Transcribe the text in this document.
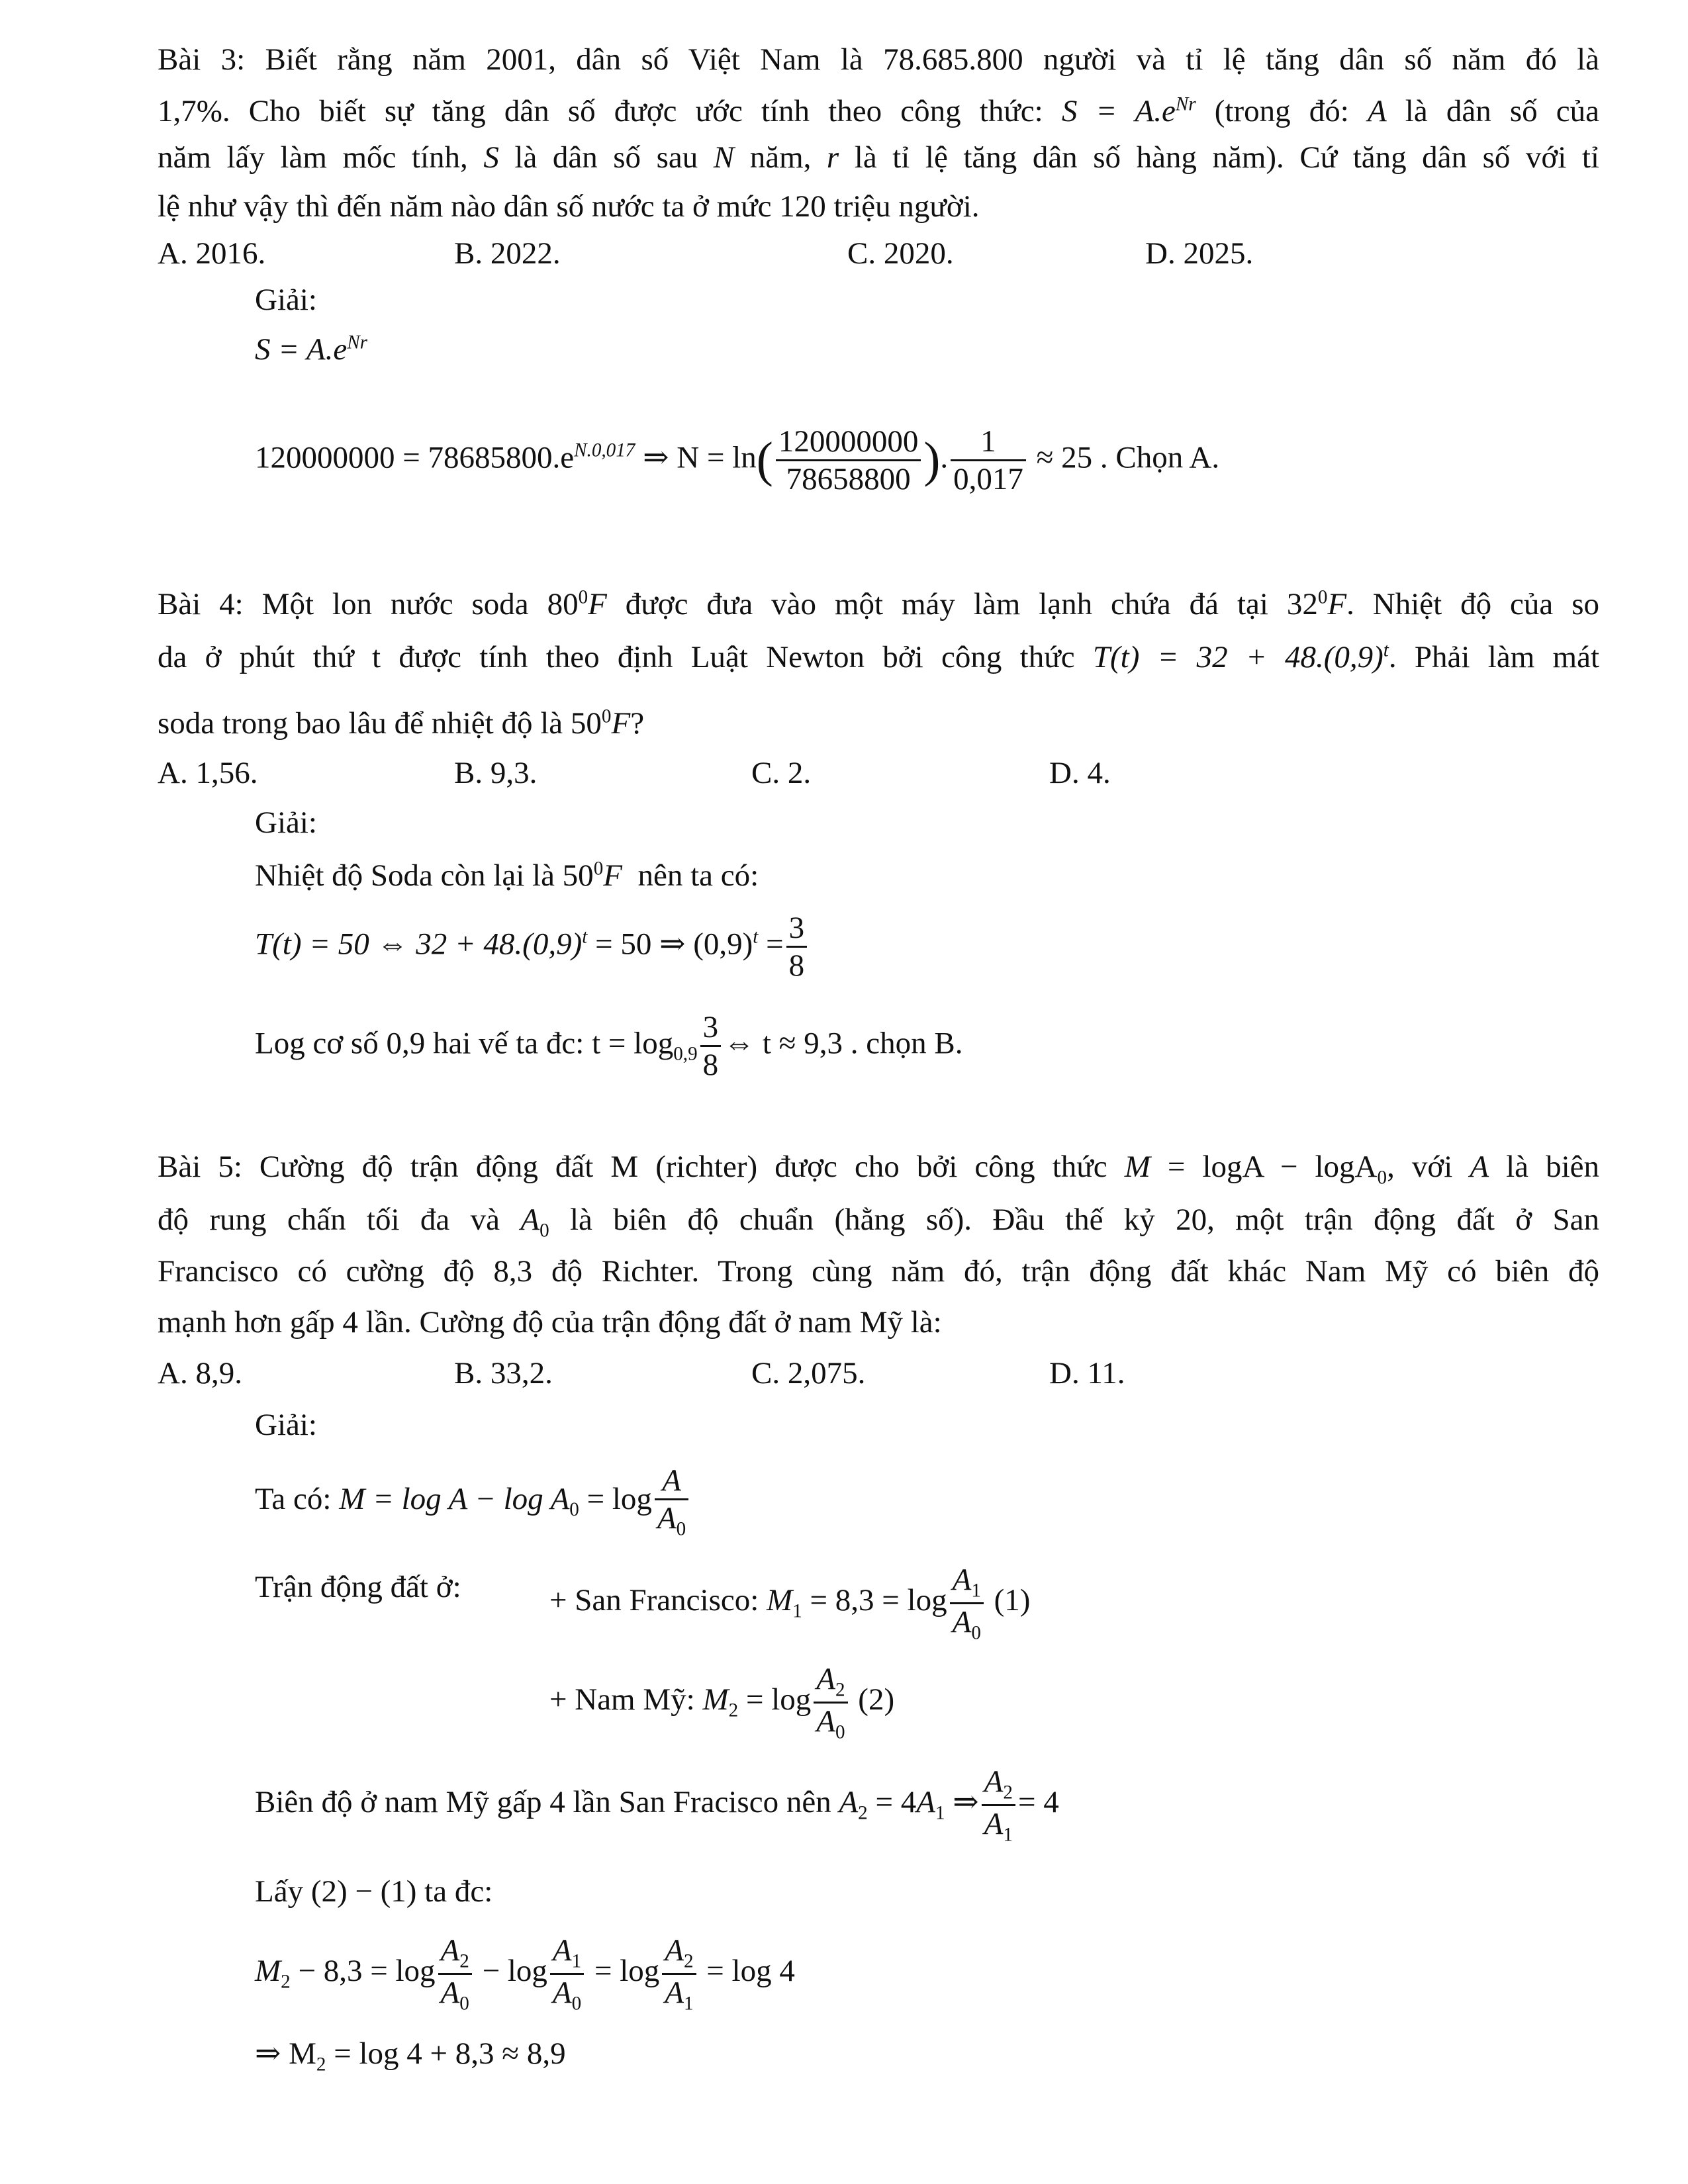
Bài 3: Biết rằng năm 2001, dân số Việt Nam là 78.685.800 người và tỉ lệ tăng dân số năm đó là
1,7%. Cho biết sự tăng dân số được ước tính theo công thức: $S = A.e^{Nr}$ (trong đó: A là dân số của
năm lấy làm mốc tính, S là dân số sau N năm, r là tỉ lệ tăng dân số hàng năm). Cứ tăng dân số với tỉ
lệ như vậy thì đến năm nào dân số nước ta ở mức 120 triệu người.
A. 2016.	B. 2022.	C. 2020.	D. 2025.
Giải:
$S = A.e^{Nr}$
$120000000 = 78685800.e^{N.0,017}$ ⇒ $N = \ln( \frac{120000000}{78658800}$ ). $\frac{1}{0,017} \approx 25$ . Chọn A.
Bài 4: Một lon nước soda $80^0F$ được đưa vào một máy làm lạnh chứa đá tại $32^0F$. Nhiệt độ của so
da ở phút thứ t được tính theo định Luật Newton bởi công thức $T(t) = 32 + 48.(0,9)^t$. Phải làm mát
soda trong bao lâu để nhiệt độ là $50^0F$?
A. 1,56.	B. 9,3.	C. 2.	D. 4.
Giải:
Nhiệt độ Soda còn lại là $50^0F$ nên ta có:
T(t) = 50 ⇔ $32 + 48.(0,9)^t = 50$ ⇒ $(0,9)^t = \frac{3}{8}$
Log cơ số 0,9 hai vế ta đc: $t = \log_{0,9} \frac{3}{8}$ ⇔ t ≈ 9,3 . chọn B.
Bài 5: Cường độ trận động đất M (richter) được cho bởi công thức M = logA − logA$_0$, với A là biên
độ rung chấn tối đa và $A_0$ là biên độ chuẩn (hằng số). Đầu thế kỷ 20, một trận động đất ở San
Francisco có cường độ 8,3 độ Richter. Trong cùng năm đó, trận động đất khác Nam Mỹ có biên độ
mạnh hơn gấp 4 lần. Cường độ của trận động đất ở nam Mỹ là:
A. 8,9.	B. 33,2.	C. 2,075.	D. 11.
Giải:
Ta có: $M = \log A - \log A_0 = \log \frac{A}{A_0}$
Trận động đất ở:	+ San Francisco: $M_1 = 8,3 = \log \frac{A_1}{A_0} (1)$
+ Nam Mỹ: $M_2 = \log \frac{A_2}{A_0} (2)$
Biên độ ở nam Mỹ gấp 4 lần San Fracisco nên $A_2 = 4A_1$ ⇒ $\frac{A_2}{A_1} = 4$
Lấy (2) − (1) ta đc:
$M_2 - 8,3 = \log \frac{A_2}{A_0} - \log \frac{A_1}{A_0} = \log \frac{A_2}{A_1} = \log 4$
⇒ $M_2 = \log 4 + 8,3 \approx 8,9$
